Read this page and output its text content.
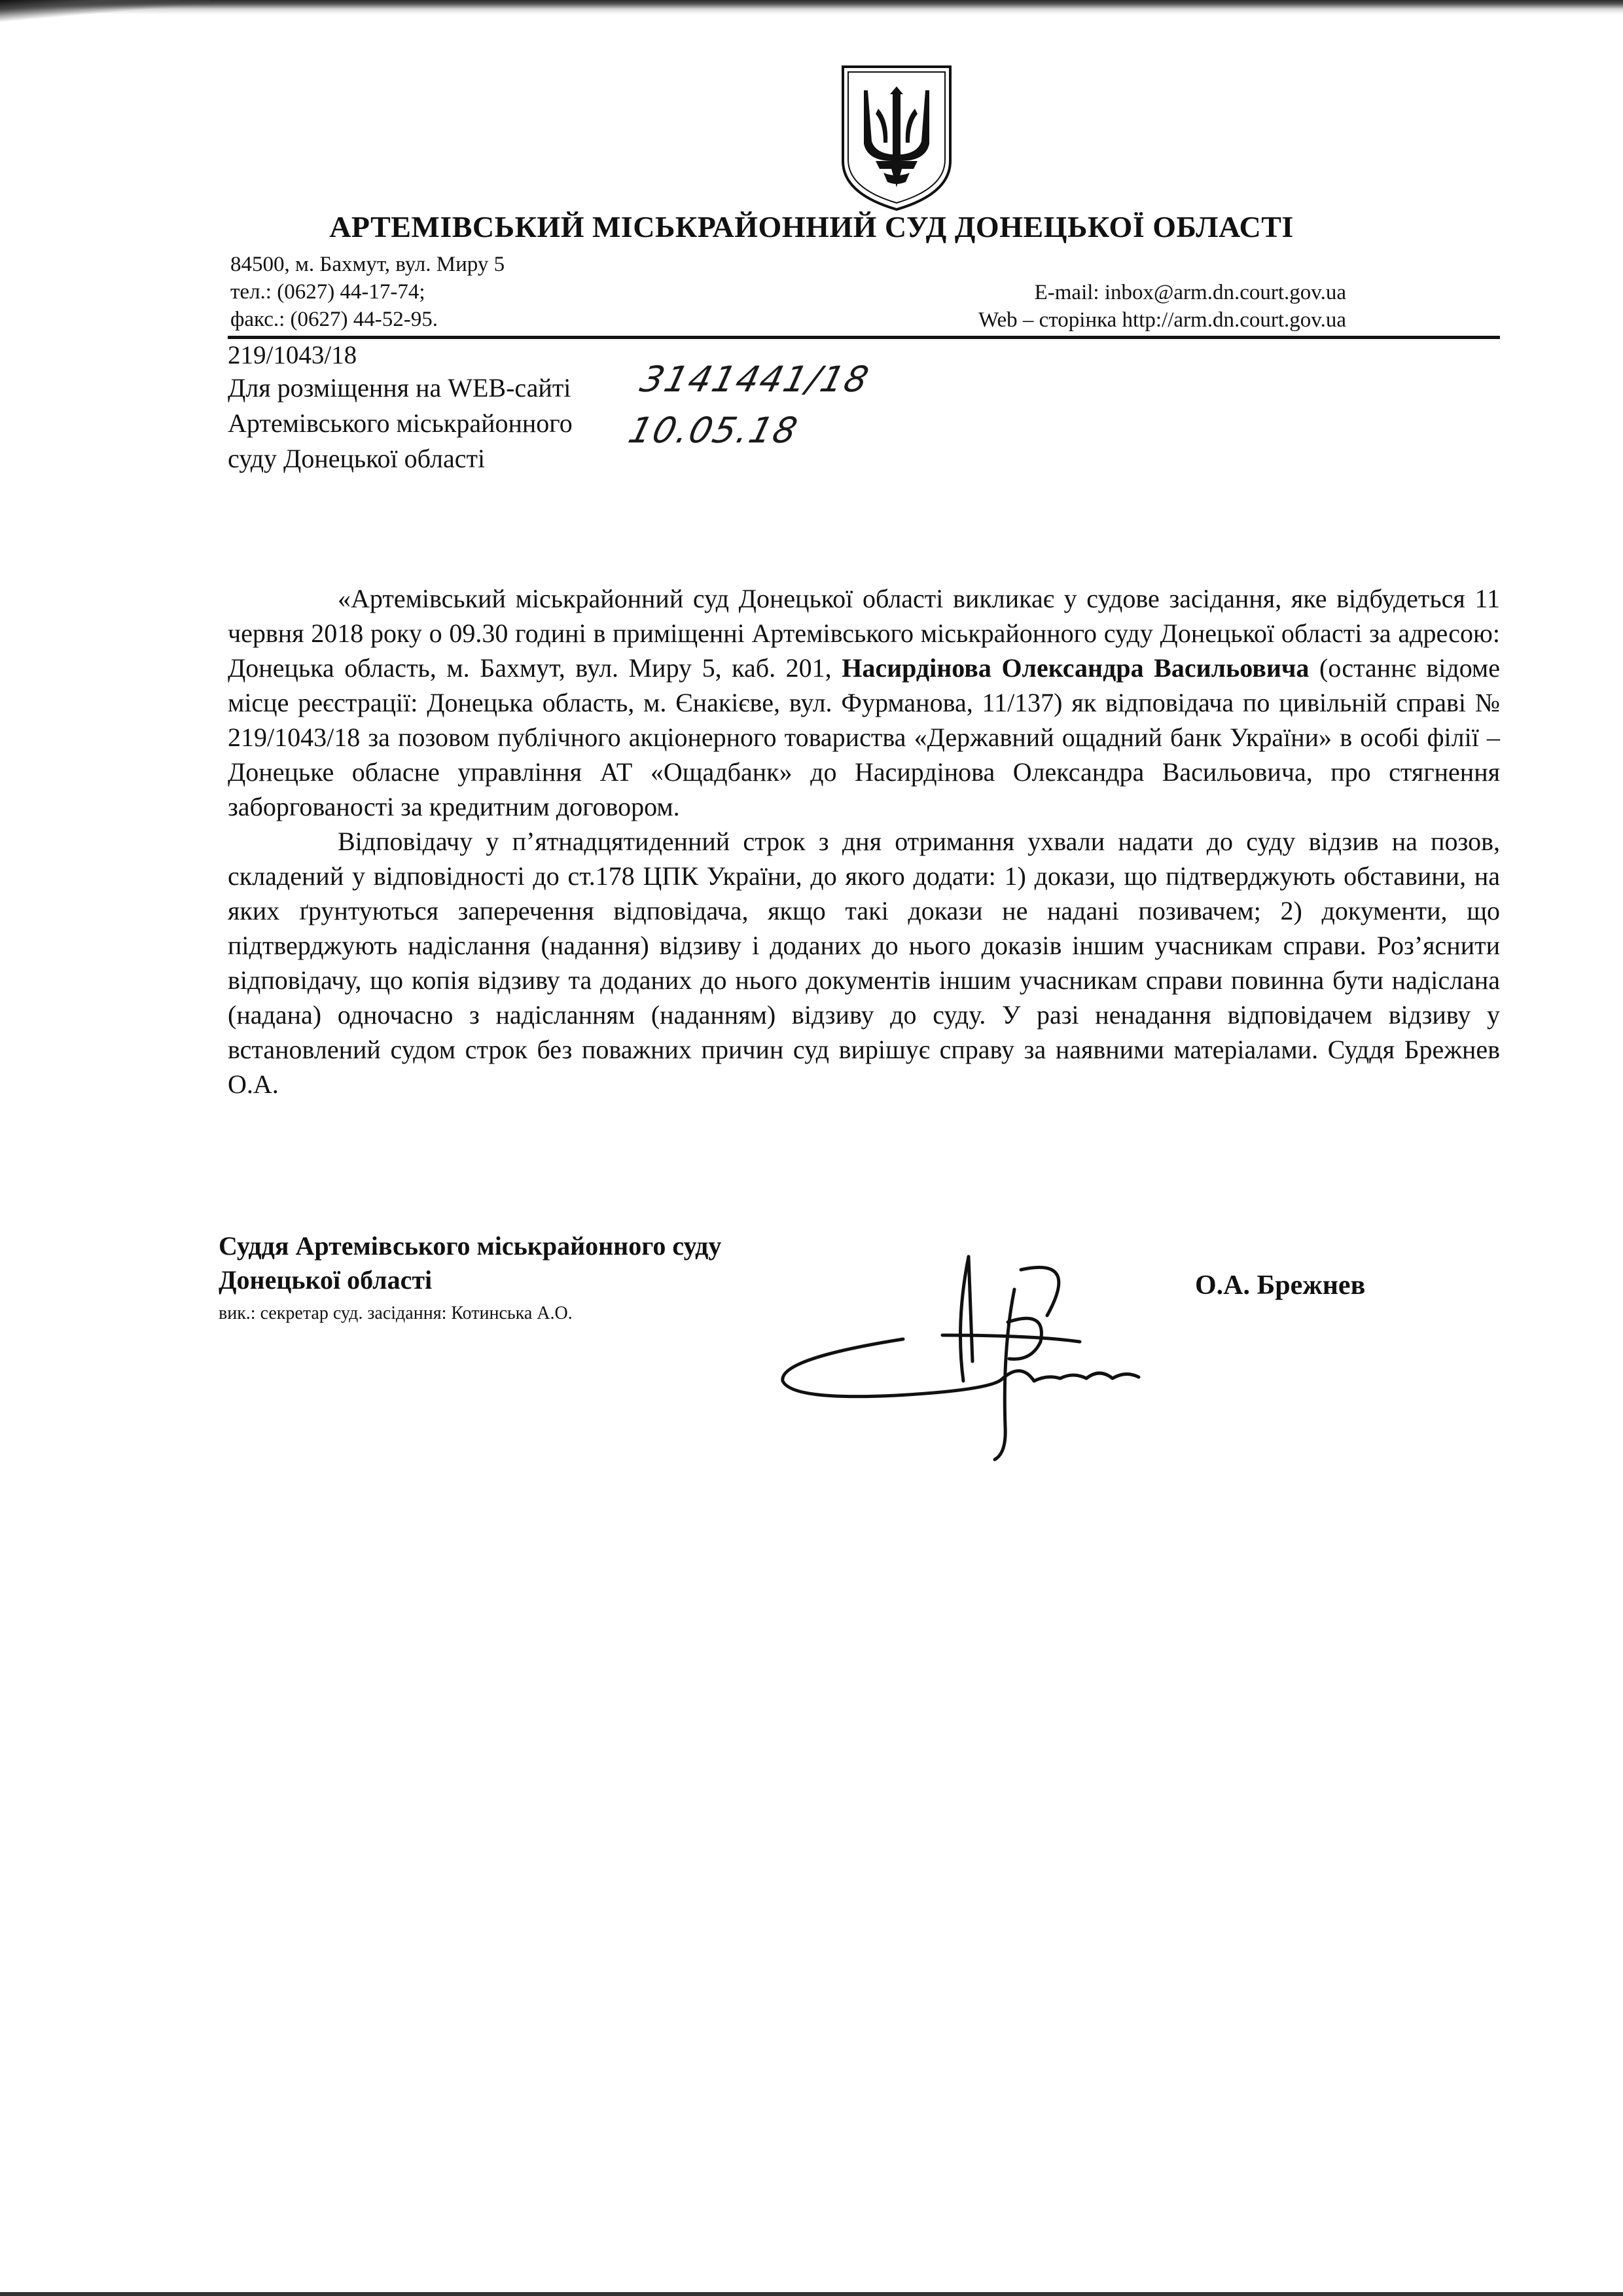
АРТЕМІВСЬКИЙ МІСЬКРАЙОННИЙ СУД ДОНЕЦЬКОЇ ОБЛАСТІ
84500, м. Бахмут, вул. Миру 5
тел.: (0627) 44-17-74;
факс.: (0627) 44-52-95.
E-mail: inbox@arm.dn.court.gov.ua
Web – сторінка http://arm.dn.court.gov.ua
219/1043/18
Для розміщення на WEB-сайті
Артемівського міськрайонного
суду Донецької області
3141441/18
10.05.18

«Артемівський міськрайонний суд Донецької області викликає у судове засідання, яке відбудеться 11 червня 2018 року о 09.30 годині в приміщенні Артемівського міськрайонного суду Донецької області за адресою: Донецька область, м. Бахмут, вул. Миру 5, каб. 201, Насирдінова Олександра Васильовича (останнє відоме місце реєстрації: Донецька область, м. Єнакієве, вул. Фурманова, 11/137) як відповідача по цивільній справі № 219/1043/18 за позовом публічного акціонерного товариства «Державний ощадний банк України» в особі філії – Донецьке обласне управління АТ «Ощадбанк» до Насирдінова Олександра Васильовича, про стягнення заборгованості за кредитним договором.

Відповідачу у п’ятнадцятиденний строк з дня отримання ухвали надати до суду відзив на позов, складений у відповідності до ст.178 ЦПК України, до якого додати: 1) докази, що підтверджують обставини, на яких ґрунтуються заперечення відповідача, якщо такі докази не надані позивачем; 2) документи, що підтверджують надіслання (надання) відзиву і доданих до нього доказів іншим учасникам справи. Роз’яснити відповідачу, що копія відзиву та доданих до нього документів іншим учасникам справи повинна бути надіслана (надана) одночасно з надісланням (наданням) відзиву до суду. У разі ненадання відповідачем відзиву у встановлений судом строк без поважних причин суд вирішує справу за наявними матеріалами. Суддя Брежнев О.А.

Суддя Артемівського міськрайонного суду
Донецької області
вик.: секретар суд. засідання: Котинська А.О.
О.А. Брежнев
